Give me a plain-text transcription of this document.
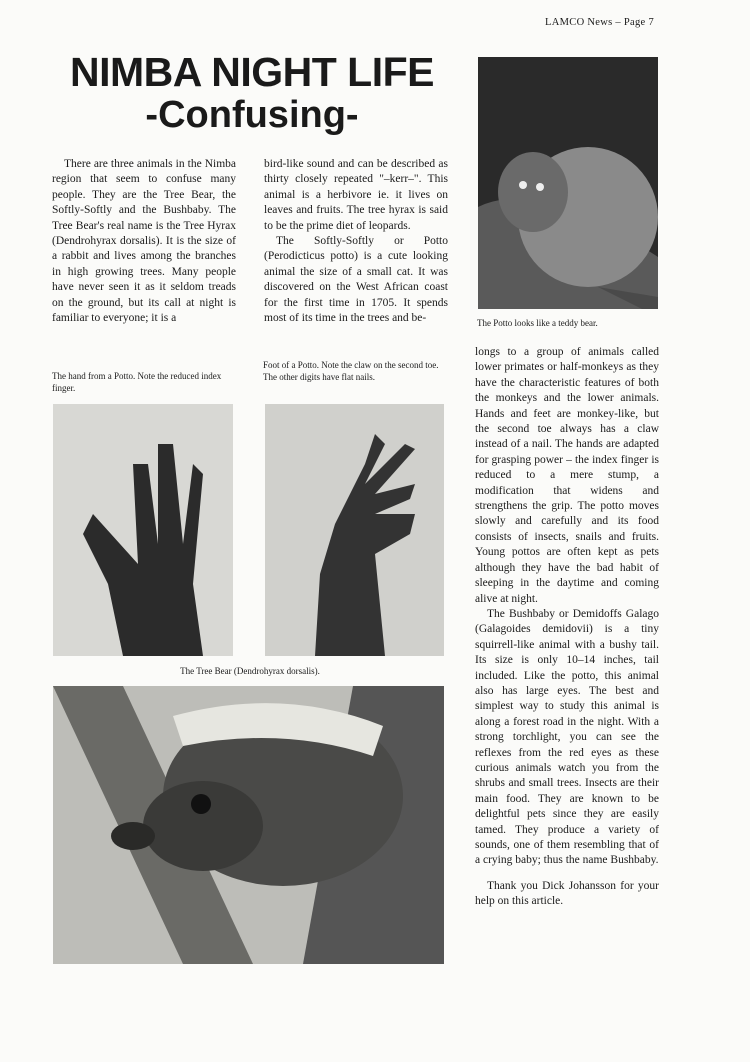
LAMCO News – Page 7
NIMBA NIGHT LIFE
-Confusing-

There are three animals in the Nimba region that seem to confuse many people. They are the Tree Bear, the Softly-Softly and the Bushbaby. The Tree Bear's real name is the Tree Hyrax (Dendrohyrax dorsalis). It is the size of a rabbit and lives among the branches in high growing trees. Many people have never seen it as it seldom treads on the ground, but its call at night is familiar to everyone; it is a

bird-like sound and can be described as thirty closely repeated "–kerr–". This animal is a herbivore ie. it lives on leaves and fruits. The tree hyrax is said to be the prime diet of leopards.

The Softly-Softly or Potto (Perodicticus potto) is a cute looking animal the size of a small cat. It was discovered on the West African coast for the first time in 1705. It spends most of its time in the trees and be-

longs to a group of animals called lower primates or half-monkeys as they have the characteristic features of both the monkeys and the lower animals. Hands and feet are monkey-like, but the second toe always has a claw instead of a nail. The hands are adapted for grasping power – the index finger is reduced to a mere stump, a modification that widens and strengthens the grip. The potto moves slowly and carefully and its food consists of insects, snails and fruits. Young pottos are often kept as pets although they have the bad habit of sleeping in the daytime and coming alive at night.

The Bushbaby or Demidoffs Galago (Galagoides demidovii) is a tiny squirrell-like animal with a bushy tail. Its size is only 10–14 inches, tail included. Like the potto, this animal also has large eyes. The best and simplest way to study this animal is along a forest road in the night. With a strong torchlight, you can see the reflexes from the red eyes as these curious animals watch you from the shrubs and small trees. Insects are their main food. They are known to be delightful pets since they are easily tamed. They produce a variety of sounds, one of them resembling that of a crying baby; thus the name Bushbaby.

Thank you Dick Johansson for your help on this article.

The Potto looks like a teddy bear.
The hand from a Potto. Note the reduced index finger.
Foot of a Potto. Note the claw on the second toe. The other digits have flat nails.
The Tree Bear (Dendrohyrax dorsalis).
